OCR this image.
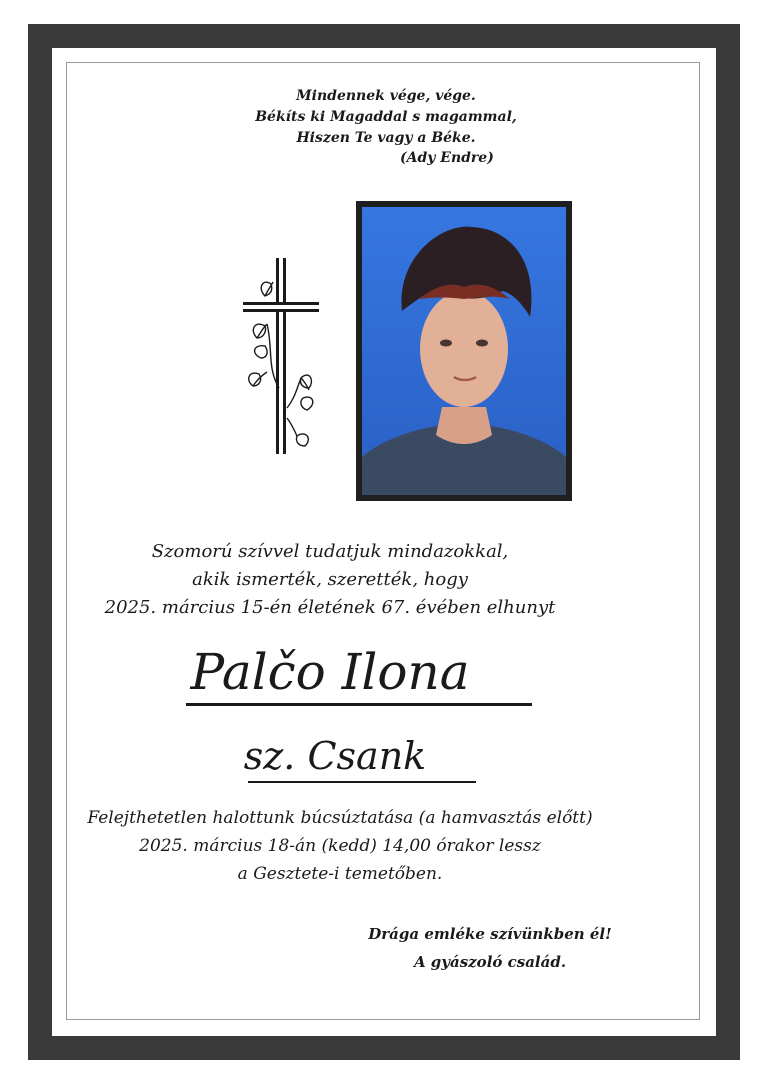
Mindennek vége, vége.
Békíts ki Magaddal s magammal,
Hiszen Te vagy a Béke.
(Ady Endre)
Szomorú szívvel tudatjuk mindazokkal,
akik ismerték, szerették, hogy
2025. március 15-én életének 67. évében elhunyt
Palčo Ilona
sz. Csank
Felejthetetlen halottunk búcsúztatása (a hamvasztás előtt)
2025. március 18-án (kedd) 14,00 órakor lessz
a Gesztete-i temetőben.
Drága emléke szívünkben él!
A gyászoló család.
